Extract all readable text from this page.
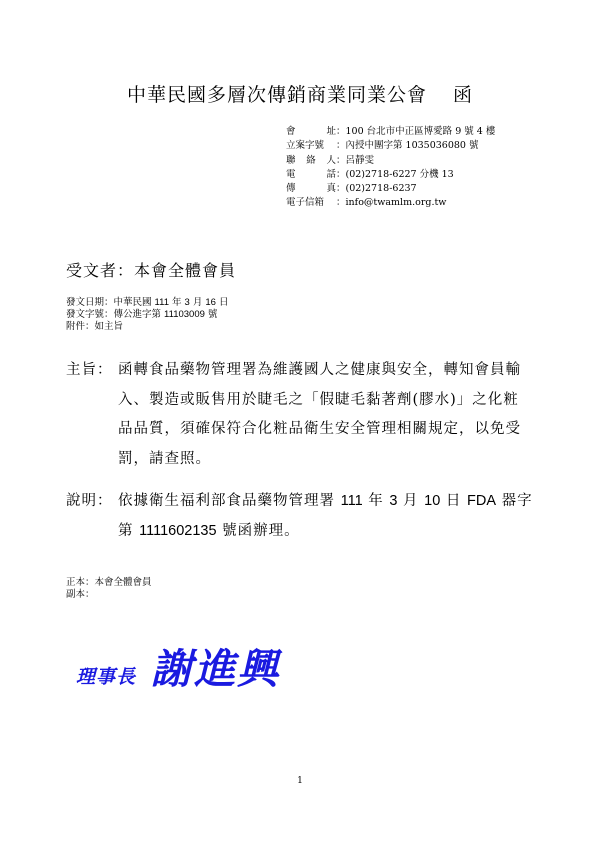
中華民國多層次傳銷商業同業公會 函
會	址 ： 100 台北市中正區博愛路 9 號 4 樓
立案字號 ： 內授中團字第 1035036080 號
聯 絡 人 ： 呂靜雯
電	話 ： (02)2718-6227 分機 13
傳	真 ： (02)2718-6237
電子信箱 ： info@twamlm.org.tw
受文者：本會全體會員
發文日期：中華民國 111 年 3 月 16 日
發文字號：傳公進字第 11103009 號
附件：如主旨
主旨： 函轉食品藥物管理署為維護國人之健康與安全，轉知會員輸
入、製造或販售用於睫毛之「假睫毛黏著劑(膠水)」之化粧
品品質，須確保符合化粧品衛生安全管理相關規定，以免受
罰，請查照。
說明： 依據衛生福利部食品藥物管理署 111 年 3 月 10 日 FDA 器字
第 1111602135 號函辦理。
正本：本會全體會員
副本：
理事長 謝進興
1
